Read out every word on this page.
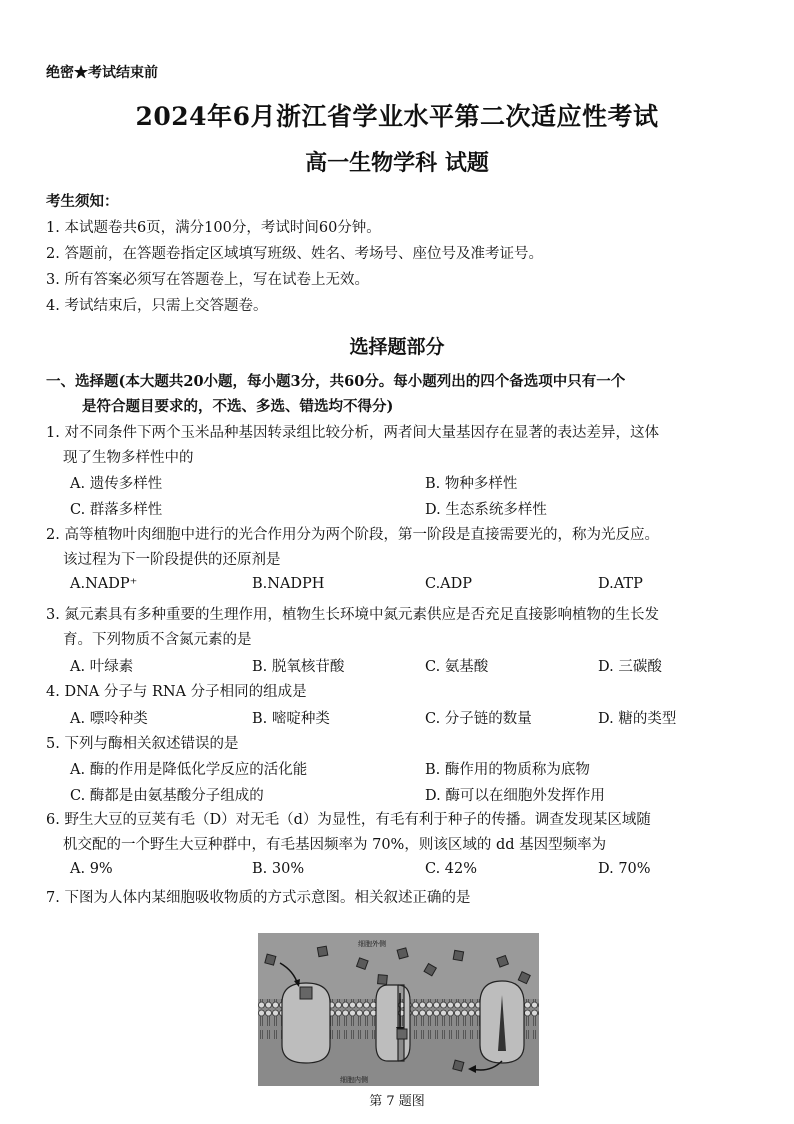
绝密★考试结束前
2024年6月浙江省学业水平第二次适应性考试
高一生物学科 试题
考生须知：
1. 本试题卷共6页，满分100分，考试时间60分钟。
2. 答题前，在答题卷指定区域填写班级、姓名、考场号、座位号及准考证号。
3. 所有答案必须写在答题卷上，写在试卷上无效。
4. 考试结束后，只需上交答题卷。
选择题部分
一、选择题(本大题共20小题，每小题3分，共60分。每小题列出的四个备选项中只有一个
是符合题目要求的，不选、多选、错选均不得分)
1. 对不同条件下两个玉米品种基因转录组比较分析，两者间大量基因存在显著的表达差异，这体
现了生物多样性中的
A. 遗传多样性	B. 物种多样性
C. 群落多样性	D. 生态系统多样性
2. 高等植物叶肉细胞中进行的光合作用分为两个阶段，第一阶段是直接需要光的，称为光反应。
该过程为下一阶段提供的还原剂是
A.NADP⁺	B.NADPH	C.ADP	D.ATP
3. 氮元素具有多种重要的生理作用，植物生长环境中氮元素供应是否充足直接影响植物的生长发
育。下列物质不含氮元素的是
A. 叶绿素	B. 脱氧核苷酸	C. 氨基酸	D. 三碳酸
4. DNA 分子与 RNA 分子相同的组成是
A. 嘌呤种类	B. 嘧啶种类	C. 分子链的数量	D. 糖的类型
5. 下列与酶相关叙述错误的是
A. 酶的作用是降低化学反应的活化能	B. 酶作用的物质称为底物
C. 酶都是由氨基酸分子组成的	D. 酶可以在细胞外发挥作用
6. 野生大豆的豆荚有毛（D）对无毛（d）为显性，有毛有利于种子的传播。调查发现某区域随
机交配的一个野生大豆种群中，有毛基因频率为 70%，则该区域的 dd 基因型频率为
A. 9%	B. 30%	C. 42%	D. 70%
7. 下图为人体内某细胞吸收物质的方式示意图。相关叙述正确的是
细胞外侧
细胞内侧
第 7 题图
